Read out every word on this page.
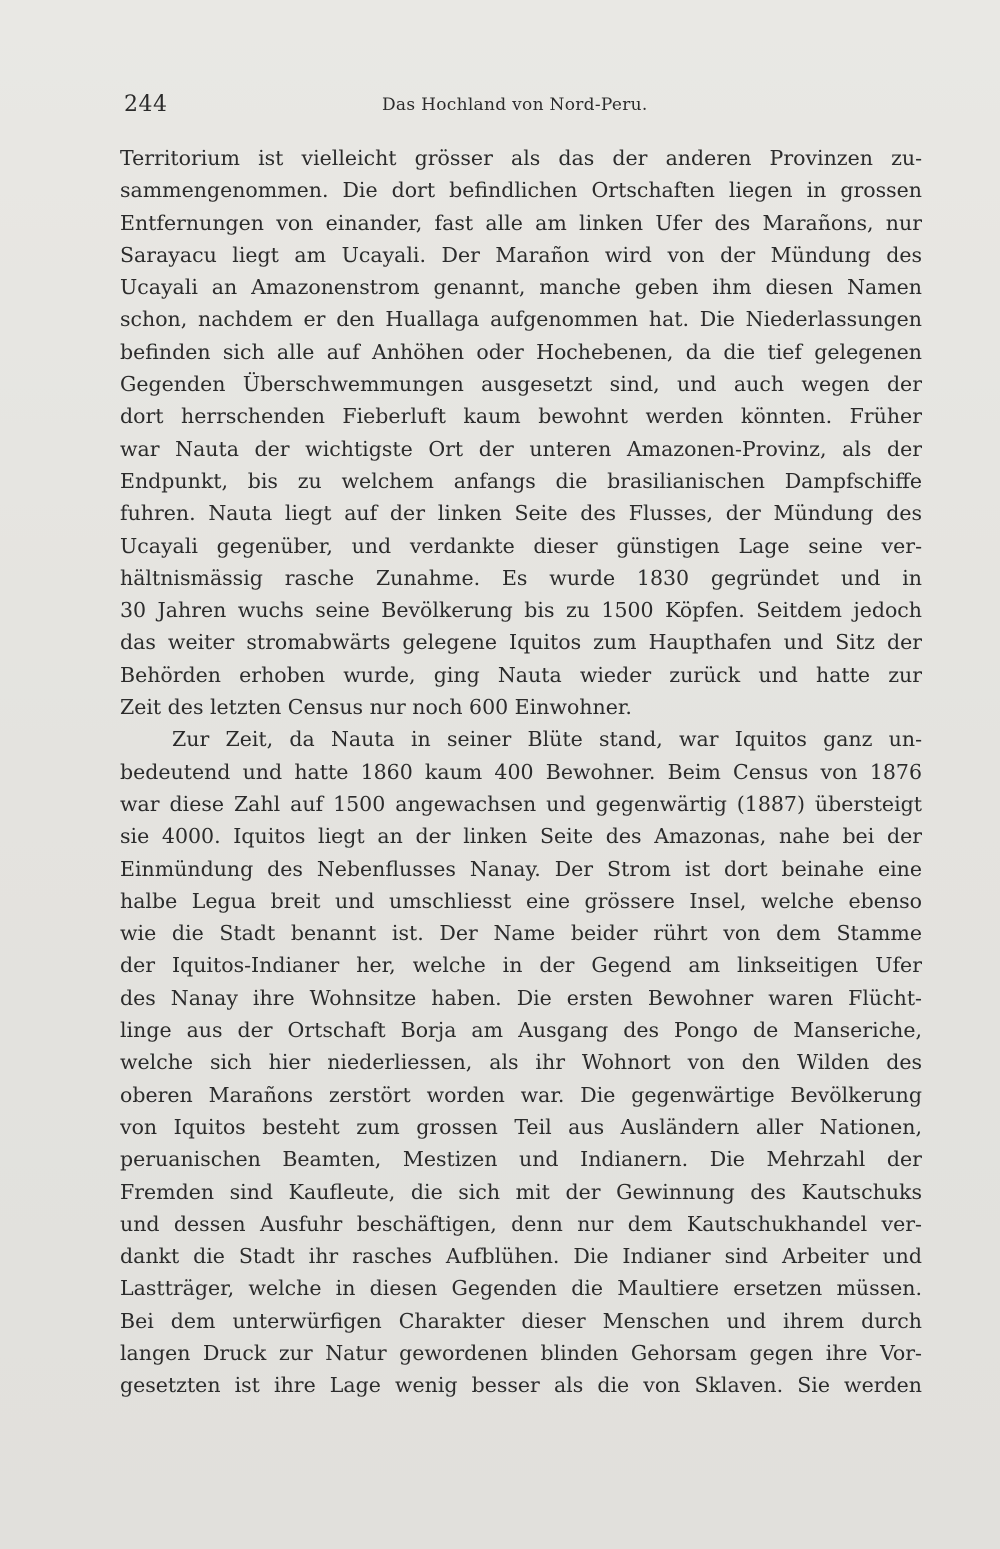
244	Das Hochland von Nord-Peru.
Territorium ist vielleicht grösser als das der anderen Provinzen zu-
sammengenommen. Die dort befindlichen Ortschaften liegen in grossen
Entfernungen von einander, fast alle am linken Ufer des Marañons, nur
Sarayacu liegt am Ucayali. Der Marañon wird von der Mündung des
Ucayali an Amazonenstrom genannt, manche geben ihm diesen Namen
schon, nachdem er den Huallaga aufgenommen hat. Die Niederlassungen
befinden sich alle auf Anhöhen oder Hochebenen, da die tief gelegenen
Gegenden Überschwemmungen ausgesetzt sind, und auch wegen der
dort herrschenden Fieberluft kaum bewohnt werden könnten. Früher
war Nauta der wichtigste Ort der unteren Amazonen-Provinz, als der
Endpunkt, bis zu welchem anfangs die brasilianischen Dampfschiffe
fuhren. Nauta liegt auf der linken Seite des Flusses, der Mündung des
Ucayali gegenüber, und verdankte dieser günstigen Lage seine ver-
hältnismässig rasche Zunahme. Es wurde 1830 gegründet und in
30 Jahren wuchs seine Bevölkerung bis zu 1500 Köpfen. Seitdem jedoch
das weiter stromabwärts gelegene Iquitos zum Haupthafen und Sitz der
Behörden erhoben wurde, ging Nauta wieder zurück und hatte zur
Zeit des letzten Census nur noch 600 Einwohner.
Zur Zeit, da Nauta in seiner Blüte stand, war Iquitos ganz un-
bedeutend und hatte 1860 kaum 400 Bewohner. Beim Census von 1876
war diese Zahl auf 1500 angewachsen und gegenwärtig (1887) übersteigt
sie 4000. Iquitos liegt an der linken Seite des Amazonas, nahe bei der
Einmündung des Nebenflusses Nanay. Der Strom ist dort beinahe eine
halbe Legua breit und umschliesst eine grössere Insel, welche ebenso
wie die Stadt benannt ist. Der Name beider rührt von dem Stamme
der Iquitos-Indianer her, welche in der Gegend am linkseitigen Ufer
des Nanay ihre Wohnsitze haben. Die ersten Bewohner waren Flücht-
linge aus der Ortschaft Borja am Ausgang des Pongo de Manseriche,
welche sich hier niederliessen, als ihr Wohnort von den Wilden des
oberen Marañons zerstört worden war. Die gegenwärtige Bevölkerung
von Iquitos besteht zum grossen Teil aus Ausländern aller Nationen,
peruanischen Beamten, Mestizen und Indianern. Die Mehrzahl der
Fremden sind Kaufleute, die sich mit der Gewinnung des Kautschuks
und dessen Ausfuhr beschäftigen, denn nur dem Kautschukhandel ver-
dankt die Stadt ihr rasches Aufblühen. Die Indianer sind Arbeiter und
Lastträger, welche in diesen Gegenden die Maultiere ersetzen müssen.
Bei dem unterwürfigen Charakter dieser Menschen und ihrem durch
langen Druck zur Natur gewordenen blinden Gehorsam gegen ihre Vor-
gesetzten ist ihre Lage wenig besser als die von Sklaven. Sie werden
